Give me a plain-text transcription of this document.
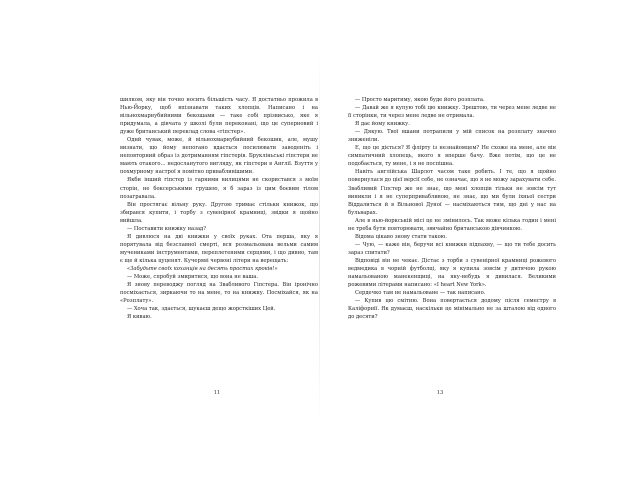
шилком, яку він точно носить більшість часу. Я достатньо прожила в Нью-Йорку, щоб впізнавати таких хлопців. Написано і на вільнохмарнубийними бекошами — таке собі прізвисько, яке я придумала, а дівчата у школі були переконані, що це суперновий і дуже британський переклад слова «гіпстер».

Однй чувак, може, й вільнохмарнубийний бекошик, але, мушу визнати, що йому непогано вдається посилювати заводеніть і неповторний образ із дотриманням гіпстерів. Брукліньські гіпстери не мають отакого... недосланутого вигляду, як гіпстери в Англії. Взуття у похмурному настрої я помітно привабливішими.

Якби інший гіпстер із гарними вилицями не скористався з моїм сторін, не боксерськими грушею, я б зараз із цим боєвим тілом позагравала.

Він простягає вільну руку. Другою тримає стільки книжок, що збирався купити, і торбу з сувенірної крамниці, звідки я щойно вийшла.

— Поставити книжку назад?

Я дивлюся на дві книжки у своїх руках. Ота перша, яку я порятувала від безславної смерті, вся розмальована вельми самим мучениками інструментами, переплетеними серцями, і що дивно, там є ще й кілька цуценят. Кучеряві червоні літери на верещать:

«Забудьте своїх коханців на десять простих кроків!»

— Може, спробуй змиритися, що вона не ваша.

Я знову переводжу погляд на Звабливого Гіпстера. Він іронічно посміхається, зиркаючи то на мене, то на книжку. Посміхайся, як на «Розплату».

— Хоча так, здається, шукаєш дещо жорсткіших Цей.

Я киваю.

11

— Просто маритиму, якою буде його розплата.

— Давай же я купую тобі цю книжку. Зрештою, ти через мене ледве не її сторінки, ти через мене ледве не отримала.

Я дає йому книжку.

— Дякую. Твої вшани потрапили у мій список на розплату значно зниженіли.

Е, що це діється? Я флірту із незнайомцем? Не схоже на мене, але він симпатичний хлопець, якого я вперше бачу. Вже потім, що це не подобається, ту мене, і я не поспішна.

Навіть англійська Шарлот часом таке робить. І те, що я щойно повернулася до цієї версії себе, не означає, що я не можу зарахувати себе. Звабливий Гіпстер же не знає, що мені хлопців тільки не зовсім тут виникли і я не суперпривабливою, не знає, що ми були іхньої сестри Віддалиться й в Вільнової Дуної — насміхаються тим, що дні у нас на бульварах.

Але в нью-йоркській місі це не змінилось. Так може кілька годин і мені не треба бути повторювати, звичайно британською дівчинкою.

Відома цікаво знову стати такою.

— Чую, — каже він, беручи всі книжки підпахву, — що ти тебе досить зараз спитати?

Відповіді він не чекає. Дістає з торби з сувенірної крамниці рожевого ведмедика в чорній футболці, яку я купила зовсім у дитячою рукою намальованою манекенщиці, на яку-небудь я дивилася. Великими рожевими літерами написано: «I heart New York».

Сердечко там не намальоване — так написано.

— Купив цю смітню. Вона повертається додому після семестру в Каліфорнії. Як думаєш, наскільки це мінімально не за шталою від одного до десяти?

13
